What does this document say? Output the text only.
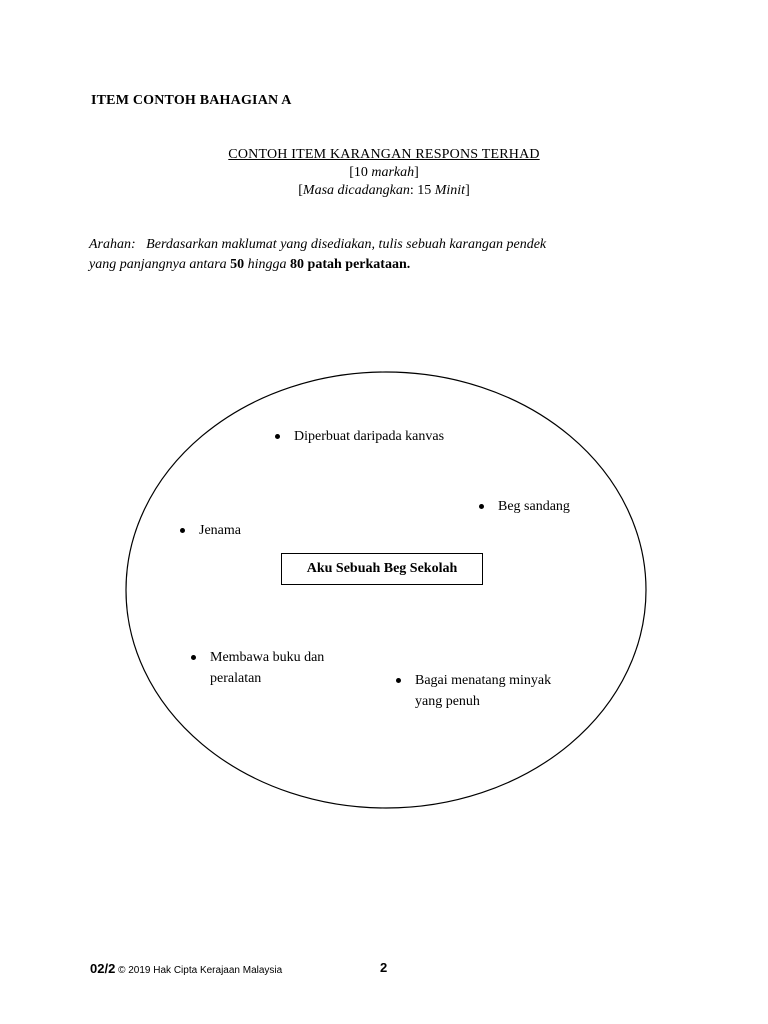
ITEM CONTOH BAHAGIAN A
CONTOH ITEM KARANGAN RESPONS TERHAD
[10 markah]
[Masa dicadangkan: 15 Minit]
Arahan: Berdasarkan maklumat yang disediakan, tulis sebuah karangan pendek
yang panjangnya antara 50 hingga 80 patah perkataan.
Aku Sebuah Beg Sekolah
Diperbuat daripada kanvas
Beg sandang
Jenama
Membawa buku dan
peralatan	Bagai menatang minyak
yang penuh
02/2 © 2019 Hak Cipta Kerajaan Malaysia	2
